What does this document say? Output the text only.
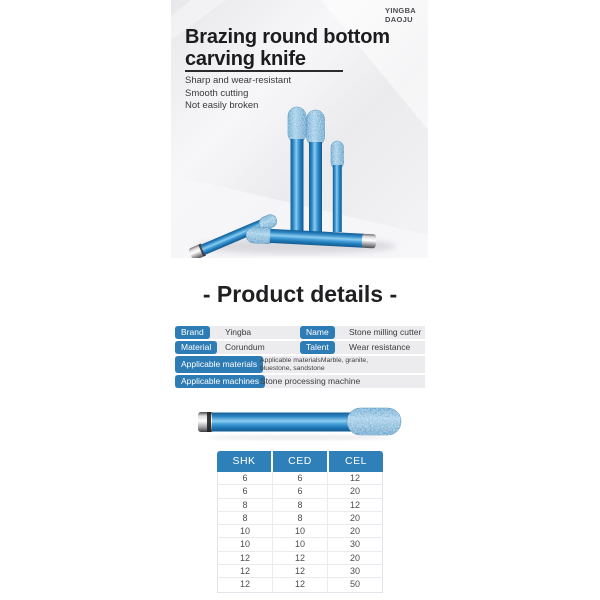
YINGBA
DAOJU
Brazing round bottom
carving knife
Sharp and wear-resistant
Smooth cutting
Not easily broken
- Product details -
Brand	Yingba	Name	Stone milling cutter
Material	Corundum	Talent	Wear resistance
Applicable materials Applicable materialsMarble, granite,
bluestone, sandstone
Applicable machines Stone processing machine
SHK	CED	CEL
6	6	12
6	6	20
8	8	12
8	8	20
10	10	20
10	10	30
12	12	20
12	12	30
12	12	50
